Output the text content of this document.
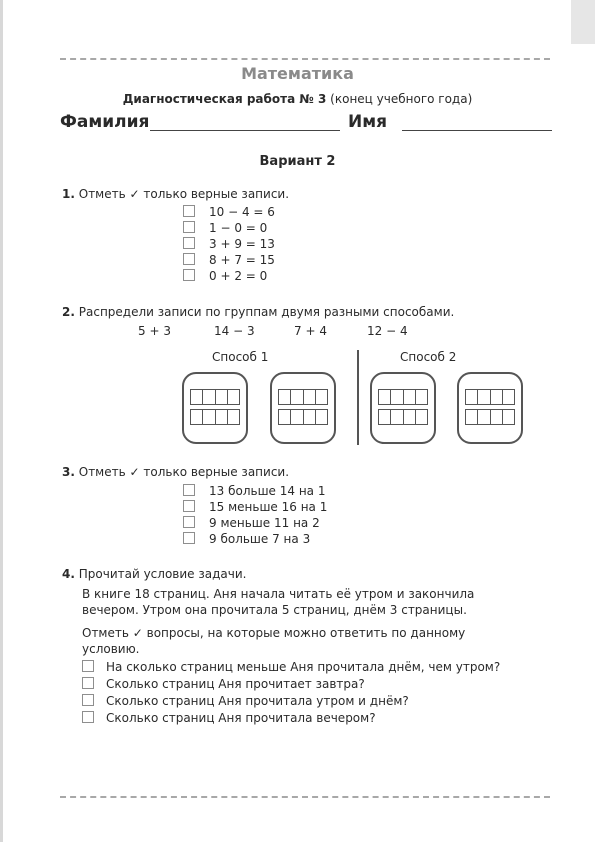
Математика
Диагностическая работа № 3 (конец учебного года)
Фамилия	Имя
Вариант 2
1. Отметь ✓ только верные записи.
10 − 4 = 6
1 − 0 = 0
3 + 9 = 13
8 + 7 = 15
0 + 2 = 0
2. Распредели записи по группам двумя разными способами.
5 + 3	14 − 3	7 + 4	12 − 4
Способ 1	Способ 2
3. Отметь ✓ только верные записи.
13 больше 14 на 1
15 меньше 16 на 1
9 меньше 11 на 2
9 больше 7 на 3
4. Прочитай условие задачи.
В книге 18 страниц. Аня начала читать её утром и закончила
вечером. Утром она прочитала 5 страниц, днём 3 страницы.
Отметь ✓ вопросы, на которые можно ответить по данному
условию.
На сколько страниц меньше Аня прочитала днём, чем утром?
Сколько страниц Аня прочитает завтра?
Сколько страниц Аня прочитала утром и днём?
Сколько страниц Аня прочитала вечером?
